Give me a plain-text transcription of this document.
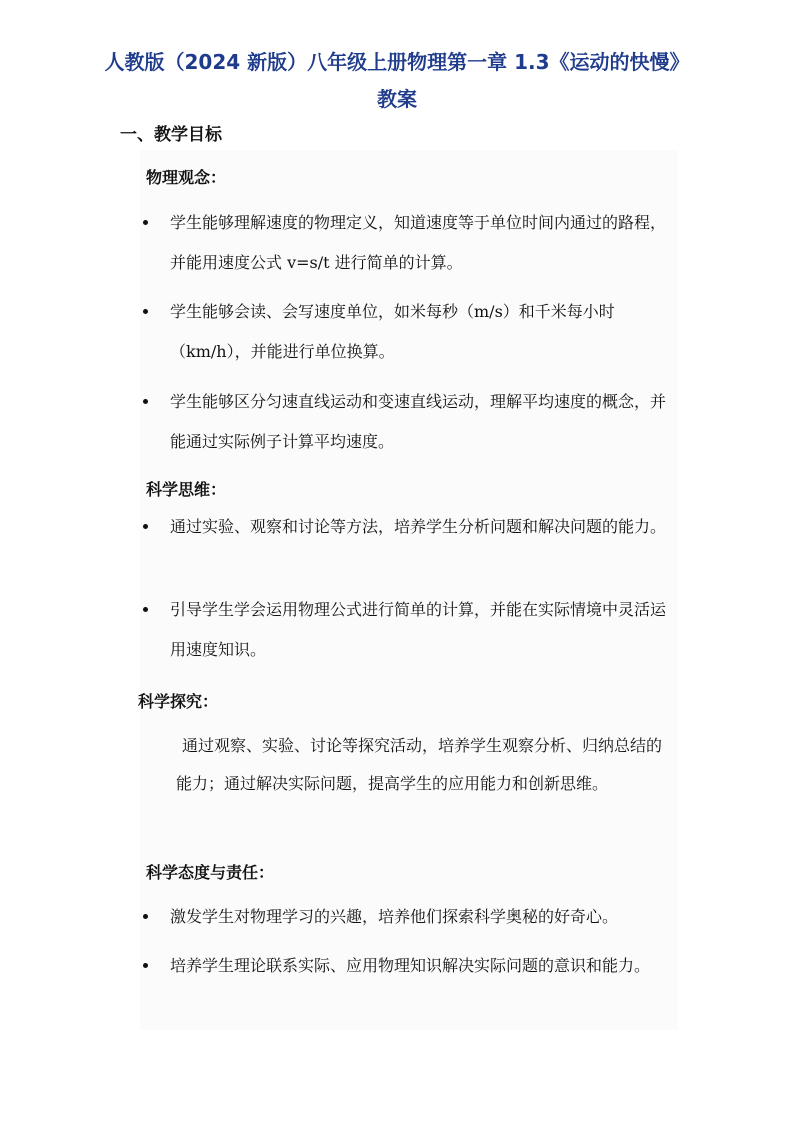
人教版（2024 新版）八年级上册物理第一章 1.3《运动的快慢》教案
一、教学目标
物理观念：
学生能够理解速度的物理定义，知道速度等于单位时间内通过的路程，并能用速度公式 v=s/t 进行简单的计算。
学生能够会读、会写速度单位，如米每秒（m/s）和千米每小时（km/h），并能进行单位换算。
学生能够区分匀速直线运动和变速直线运动，理解平均速度的概念，并能通过实际例子计算平均速度。
科学思维：
通过实验、观察和讨论等方法，培养学生分析问题和解决问题的能力。
引导学生学会运用物理公式进行简单的计算，并能在实际情境中灵活运用速度知识。
科学探究：
通过观察、实验、讨论等探究活动，培养学生观察分析、归纳总结的能力；通过解决实际问题，提高学生的应用能力和创新思维。
科学态度与责任：
激发学生对物理学习的兴趣，培养他们探索科学奥秘的好奇心。
培养学生理论联系实际、应用物理知识解决实际问题的意识和能力。
